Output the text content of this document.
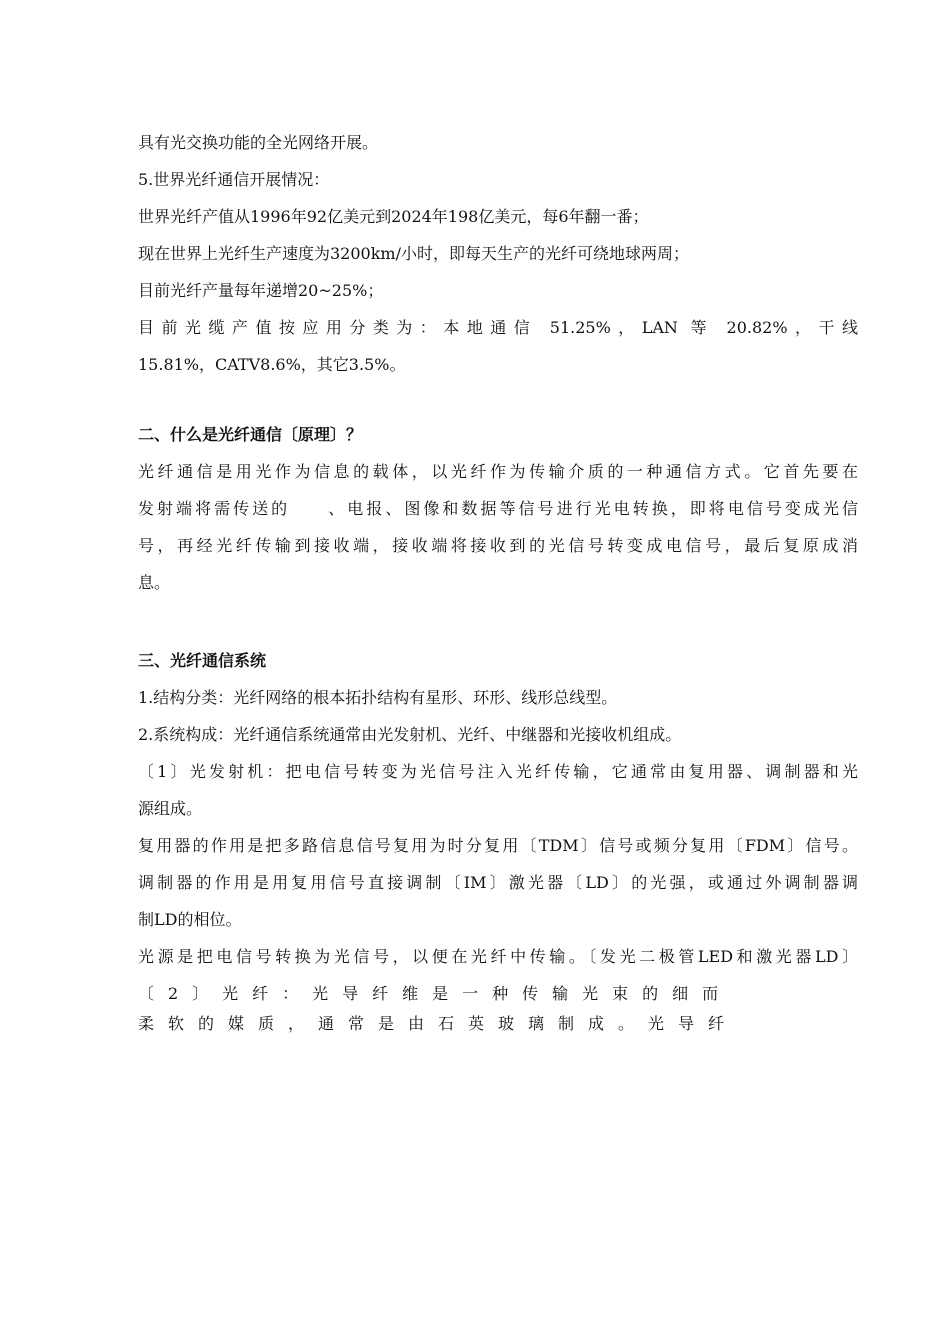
具有光交换功能的全光网络开展。

5.世界光纤通信开展情况：

世界光纤产值从1996年92亿美元到2024年198亿美元，每6年翻一番；

现在世界上光纤生产速度为3200km/小时，即每天生产的光纤可绕地球两周；

目前光纤产量每年递增20~25%；

目前光缆产值按应用分类为：本地通信 51.25%，LAN 等 20.82%，干线

15.81%，CATV8.6%，其它3.5%。

二、什么是光纤通信〔原理〕？

光纤通信是用光作为信息的载体，以光纤作为传输介质的一种通信方式。它首先要在

发射端将需传送的　　、电报、图像和数据等信号进行光电转换，即将电信号变成光信

号，再经光纤传输到接收端，接收端将接收到的光信号转变成电信号，最后复原成消

息。

三、光纤通信系统

1.结构分类：光纤网络的根本拓扑结构有星形、环形、线形总线型。

2.系统构成：光纤通信系统通常由光发射机、光纤、中继器和光接收机组成。

〔1〕光发射机：把电信号转变为光信号注入光纤传输，它通常由复用器、调制器和光

源组成。

复用器的作用是把多路信息信号复用为时分复用〔TDM〕信号或频分复用〔FDM〕信号。

调制器的作用是用复用信号直接调制〔IM〕激光器〔LD〕的光强，或通过外调制器调

制LD的相位。

光源是把电信号转换为光信号，以便在光纤中传输。〔发光二极管LED和激光器LD〕

〔2〕光纤：光导纤维是一种传输光束的细而

柔软的媒质，通常是由石英玻璃制成。光导纤
